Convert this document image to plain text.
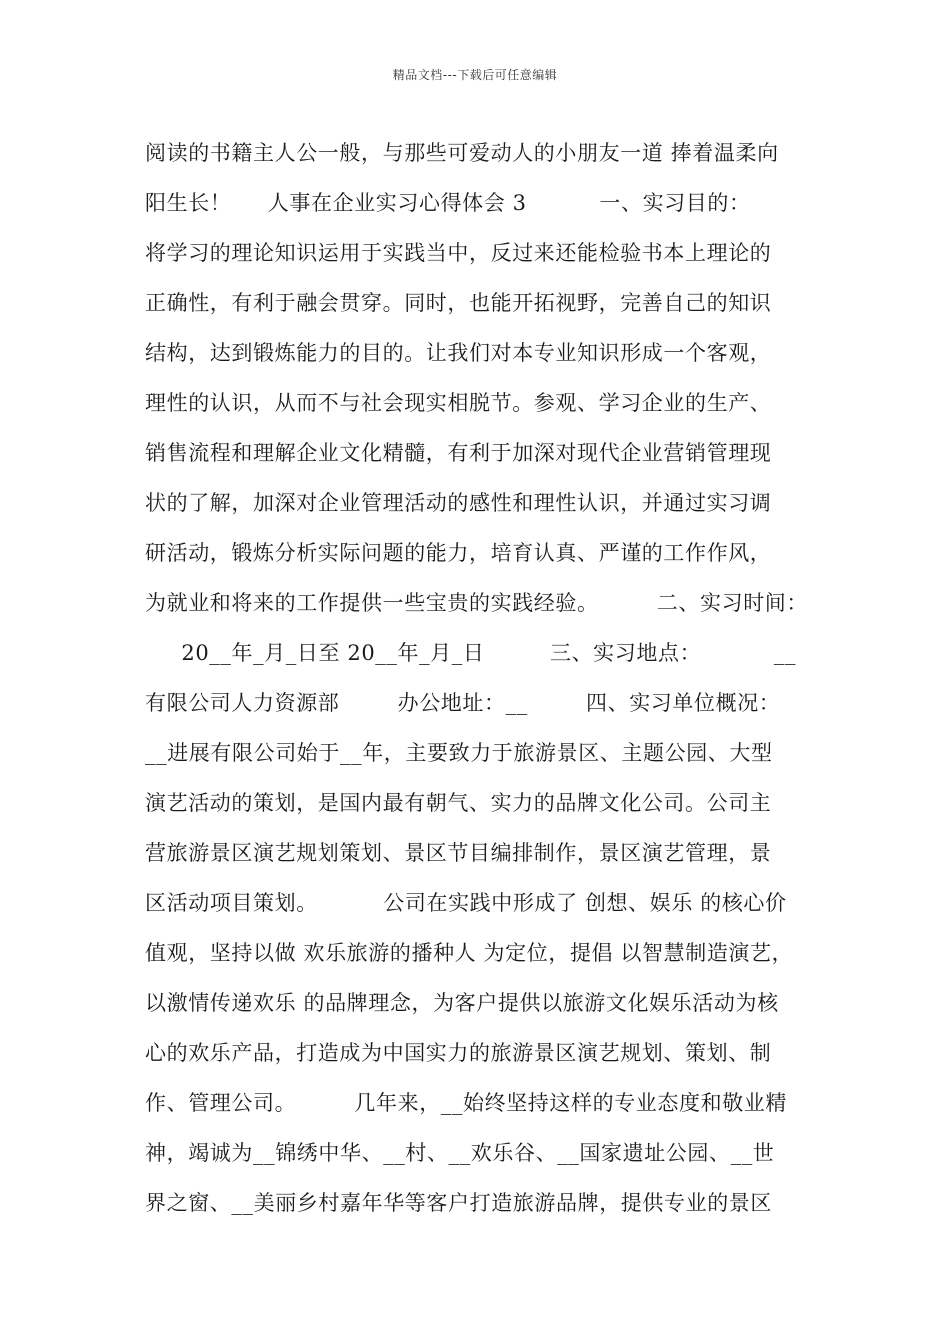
精品文档---下载后可任意编辑
阅读的书籍主人公一般，与那些可爱动人的小朋友一道 捧着温柔向
阳生长！     人事在企业实习心得体会 3          一、实习目的：
将学习的理论知识运用于实践当中，反过来还能检验书本上理论的
正确性，有利于融会贯穿。同时，也能开拓视野，完善自己的知识
结构，达到锻炼能力的目的。让我们对本专业知识形成一个客观，
理性的认识，从而不与社会现实相脱节。参观、学习企业的生产、
销售流程和理解企业文化精髓，有利于加深对现代企业营销管理现
状的了解，加深对企业管理活动的感性和理性认识，并通过实习调
研活动，锻炼分析实际问题的能力，培育认真、严谨的工作作风，
为就业和将来的工作提供一些宝贵的实践经验。        二、实习时间：
20__年_月_日至 20__年_月_日         三、实习地点：          __
有限公司人力资源部        办公地址：__        四、实习单位概况：
__进展有限公司始于__年，主要致力于旅游景区、主题公园、大型
演艺活动的策划，是国内最有朝气、实力的品牌文化公司。公司主
营旅游景区演艺规划策划、景区节目编排制作，景区演艺管理，景
区活动项目策划。         公司在实践中形成了 创想、娱乐 的核心价
值观，坚持以做 欢乐旅游的播种人 为定位，提倡 以智慧制造演艺，
以激情传递欢乐 的品牌理念，为客户提供以旅游文化娱乐活动为核
心的欢乐产品，打造成为中国实力的旅游景区演艺规划、策划、制
作、管理公司。        几年来，__始终坚持这样的专业态度和敬业精
神，竭诚为__锦绣中华、__村、__欢乐谷、__国家遗址公园、__世
界之窗、__美丽乡村嘉年华等客户打造旅游品牌，提供专业的景区
